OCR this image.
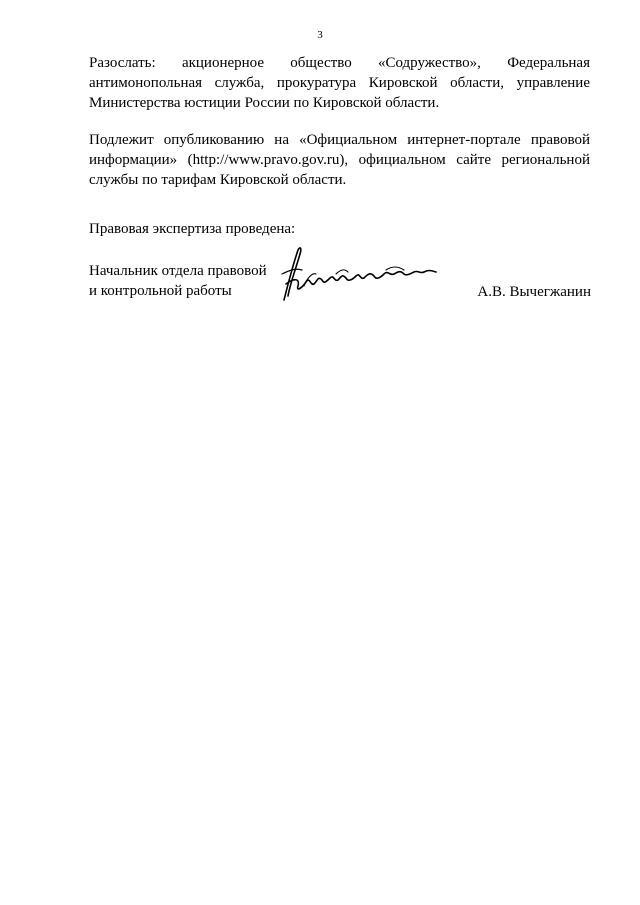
3
Разослать: акционерное общество «Содружество», Федеральная
антимонопольная служба, прокуратура Кировской области, управление
Министерства юстиции России по Кировской области.
Подлежит опубликованию на «Официальном интернет-портале правовой
информации» (http://www.pravo.gov.ru), официальном сайте региональной
службы по тарифам Кировской области.
Правовая экспертиза проведена:
Начальник отдела правовой
и контрольной работы	А.В. Вычегжанин
